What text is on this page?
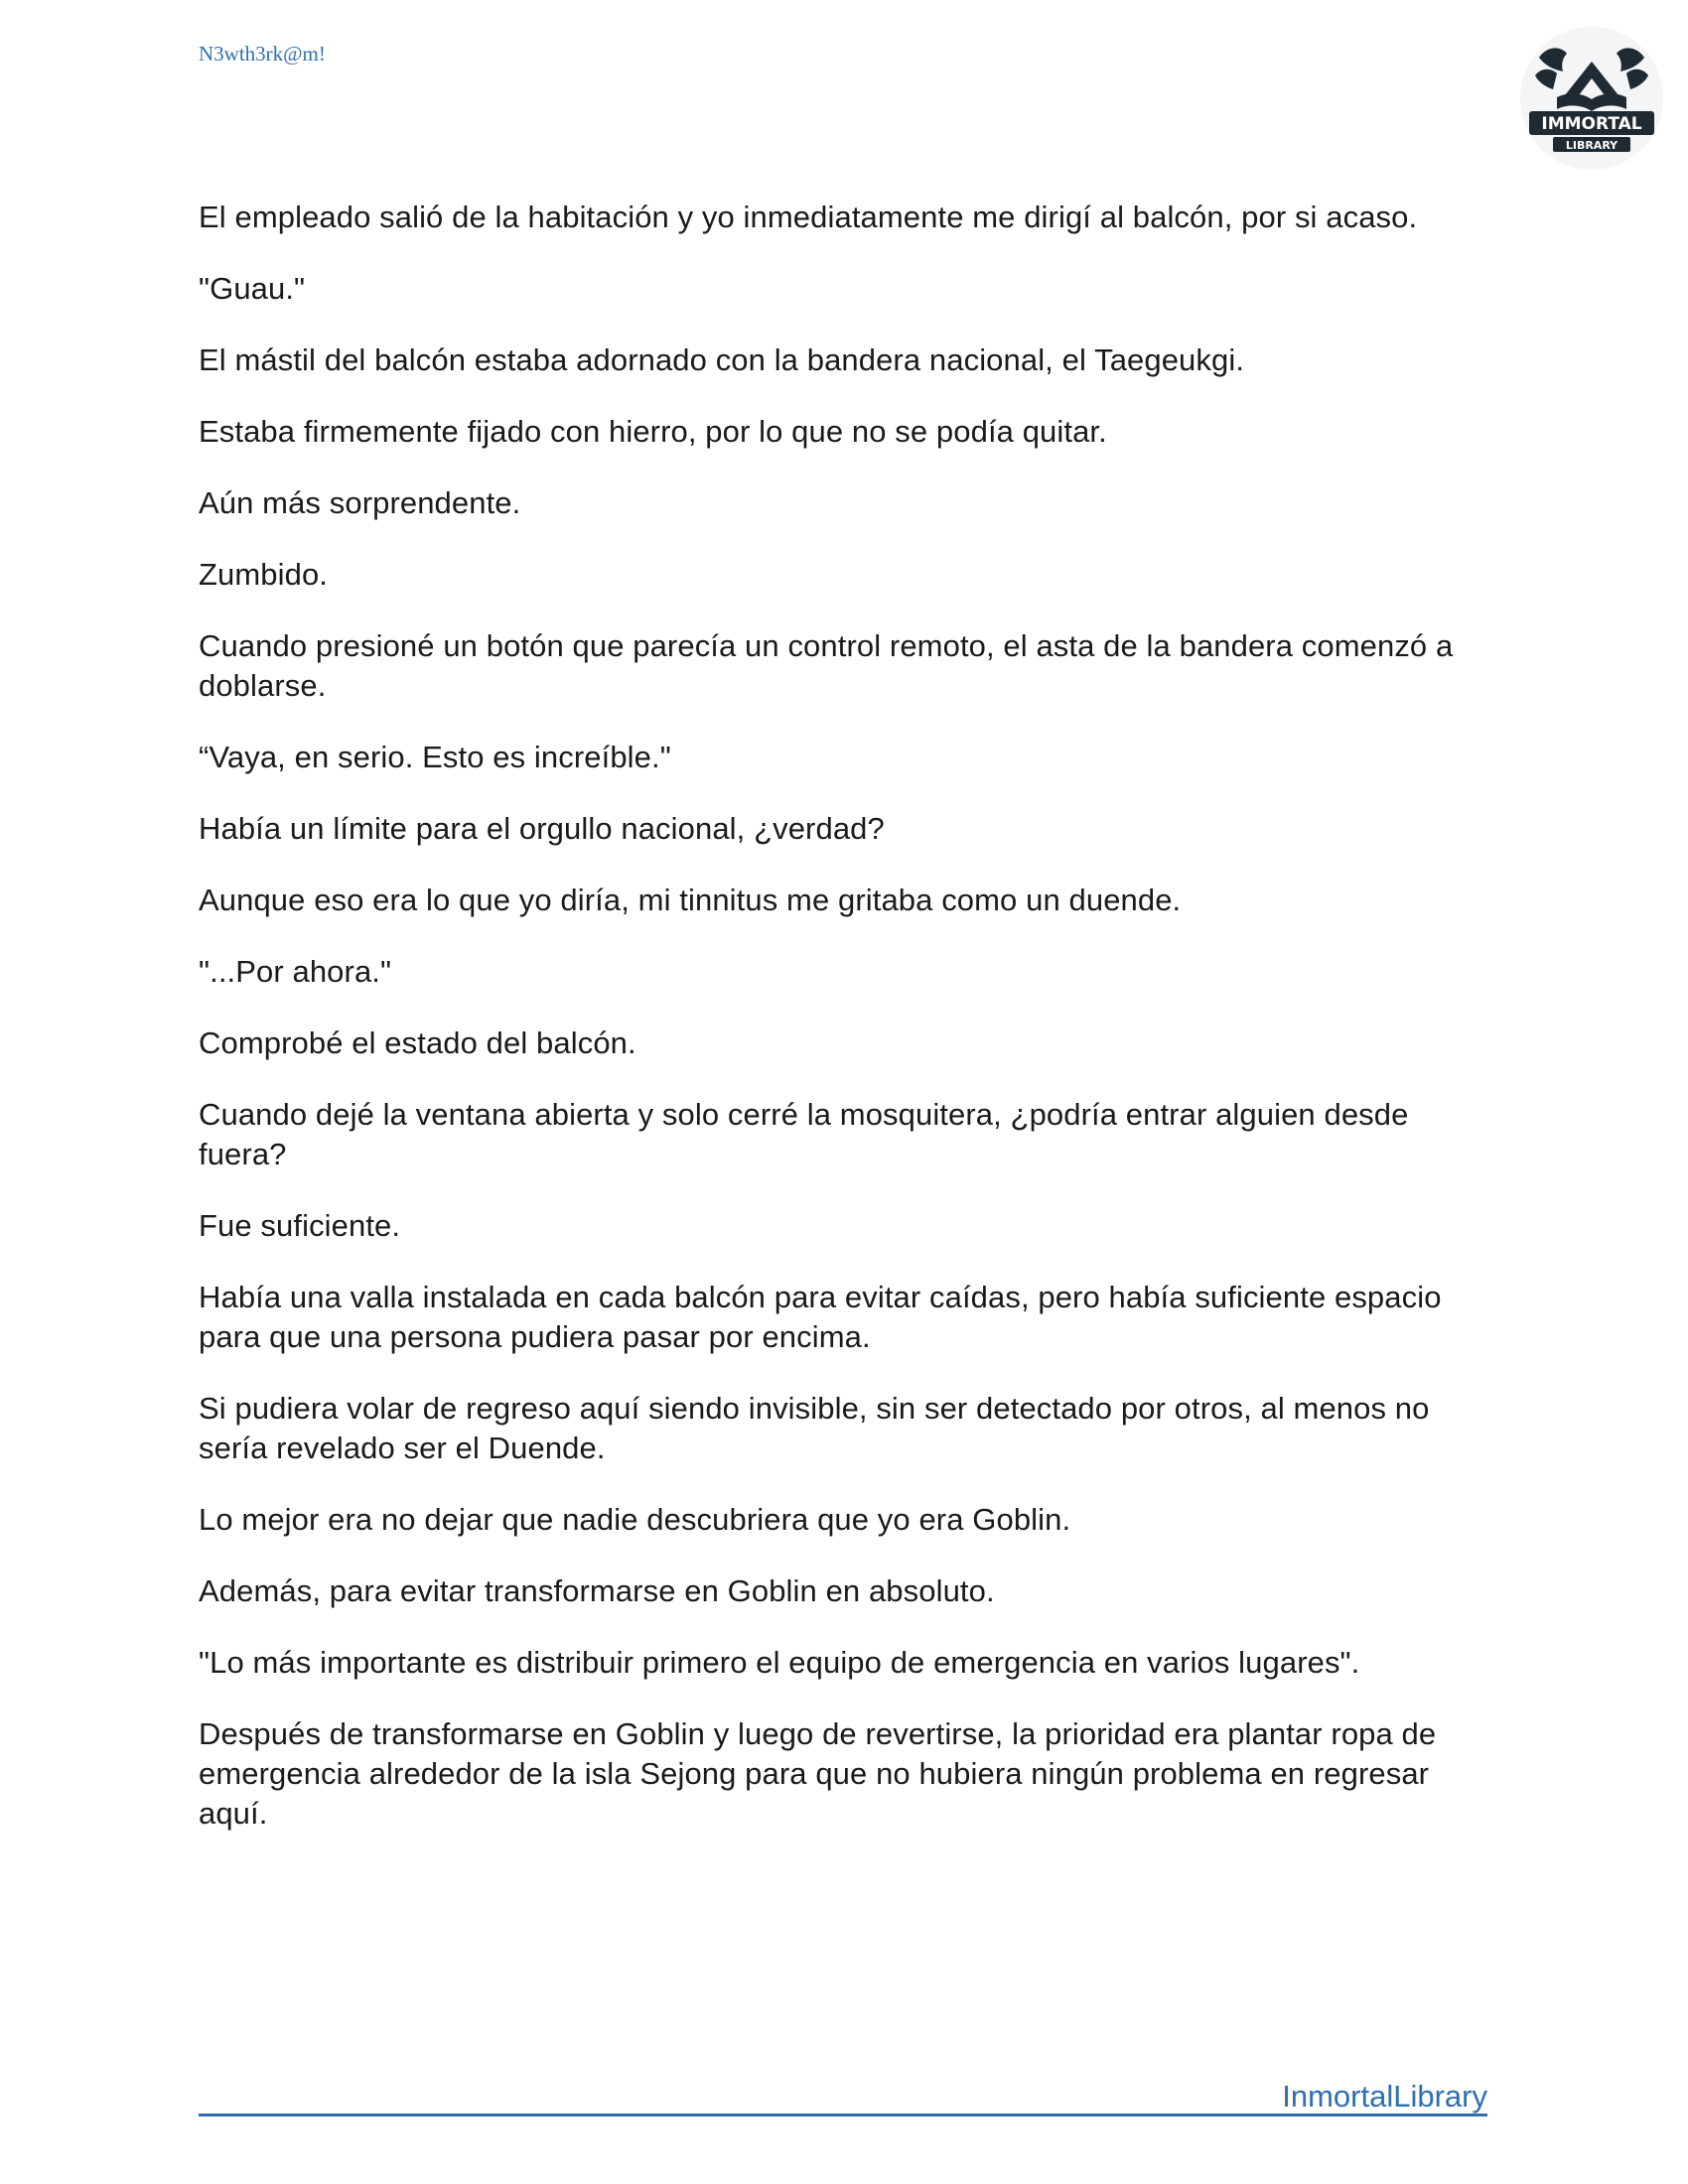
N3wth3rk@m!
IMMORTAL
LIBRARY

El empleado salió de la habitación y yo inmediatamente me dirigí al balcón, por si acaso.

"Guau."

El mástil del balcón estaba adornado con la bandera nacional, el Taegeukgi.

Estaba firmemente fijado con hierro, por lo que no se podía quitar.

Aún más sorprendente.

Zumbido.

Cuando presioné un botón que parecía un control remoto, el asta de la bandera comenzó a doblarse.

“Vaya, en serio. Esto es increíble."

Había un límite para el orgullo nacional, ¿verdad?

Aunque eso era lo que yo diría, mi tinnitus me gritaba como un duende.

"...Por ahora."

Comprobé el estado del balcón.

Cuando dejé la ventana abierta y solo cerré la mosquitera, ¿podría entrar alguien desde fuera?

Fue suficiente.

Había una valla instalada en cada balcón para evitar caídas, pero había suficiente espacio para que una persona pudiera pasar por encima.

Si pudiera volar de regreso aquí siendo invisible, sin ser detectado por otros, al menos no sería revelado ser el Duende.

Lo mejor era no dejar que nadie descubriera que yo era Goblin.

Además, para evitar transformarse en Goblin en absoluto.

"Lo más importante es distribuir primero el equipo de emergencia en varios lugares".

Después de transformarse en Goblin y luego de revertirse, la prioridad era plantar ropa de emergencia alrededor de la isla Sejong para que no hubiera ningún problema en regresar aquí.

InmortalLibrary
